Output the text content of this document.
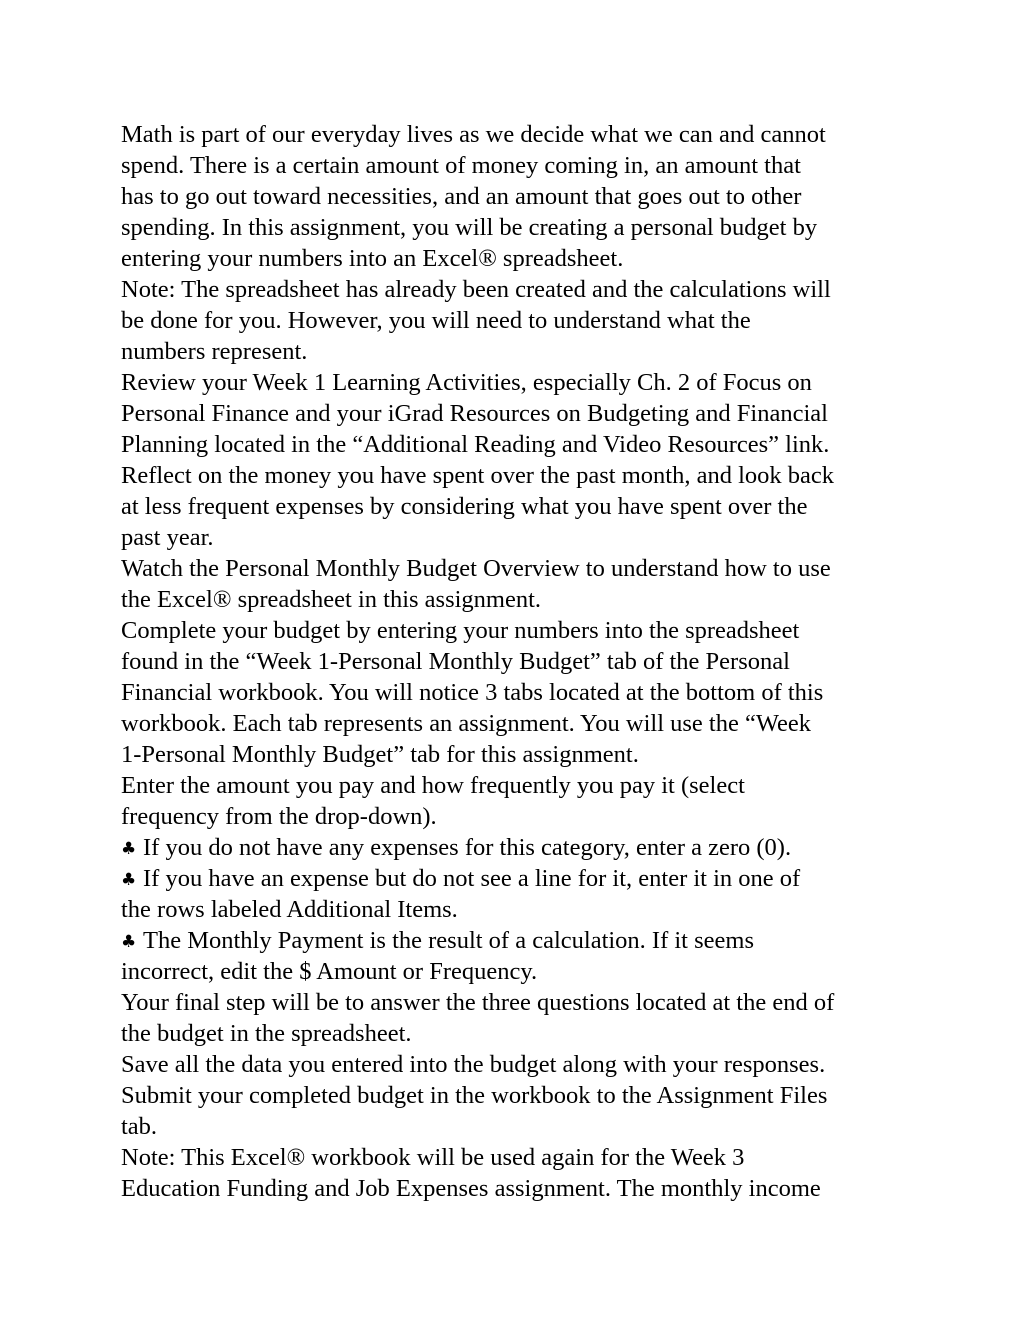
Math is part of our everyday lives as we decide what we can and cannot
spend. There is a certain amount of money coming in, an amount that
has to go out toward necessities, and an amount that goes out to other
spending. In this assignment, you will be creating a personal budget by
entering your numbers into an Excel® spreadsheet.
Note: The spreadsheet has already been created and the calculations will
be done for you. However, you will need to understand what the
numbers represent.
Review your Week 1 Learning Activities, especially Ch. 2 of Focus on
Personal Finance and your iGrad Resources on Budgeting and Financial
Planning located in the “Additional Reading and Video Resources” link.
Reflect on the money you have spent over the past month, and look back
at less frequent expenses by considering what you have spent over the
past year.
Watch the Personal Monthly Budget Overview to understand how to use
the Excel® spreadsheet in this assignment.
Complete your budget by entering your numbers into the spreadsheet
found in the “Week 1-Personal Monthly Budget” tab of the Personal
Financial workbook. You will notice 3 tabs located at the bottom of this
workbook. Each tab represents an assignment. You will use the “Week
1-Personal Monthly Budget” tab for this assignment.
Enter the amount you pay and how frequently you pay it (select
frequency from the drop-down).
♣ If you do not have any expenses for this category, enter a zero (0).
♣ If you have an expense but do not see a line for it, enter it in one of
the rows labeled Additional Items.
♣ The Monthly Payment is the result of a calculation. If it seems
incorrect, edit the $ Amount or Frequency.
Your final step will be to answer the three questions located at the end of
the budget in the spreadsheet.
Save all the data you entered into the budget along with your responses.
Submit your completed budget in the workbook to the Assignment Files
tab.
Note: This Excel® workbook will be used again for the Week 3
Education Funding and Job Expenses assignment. The monthly income
